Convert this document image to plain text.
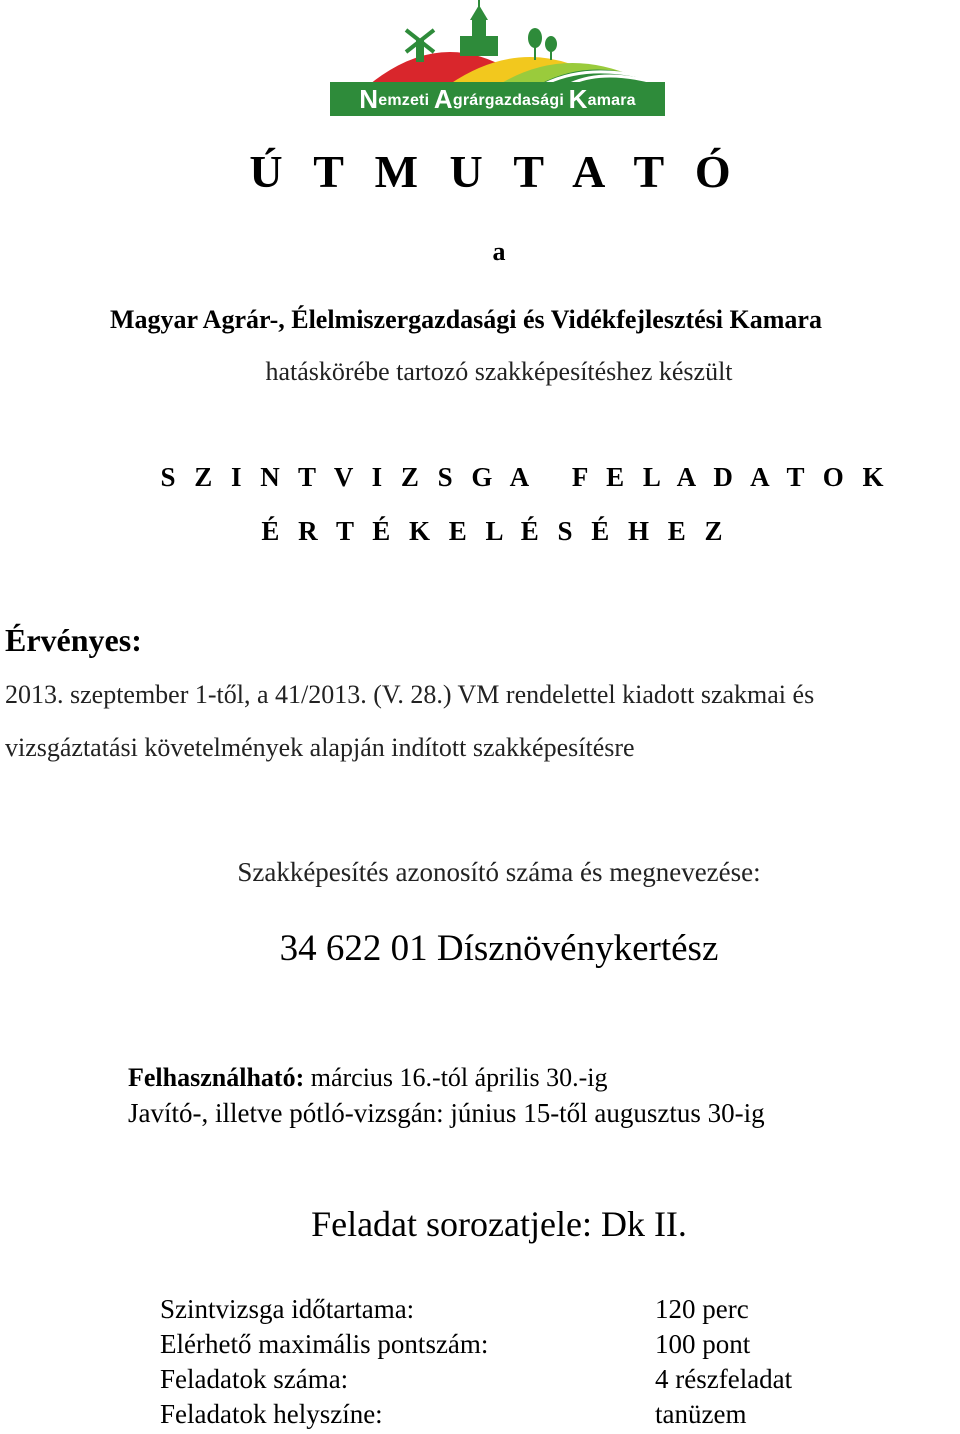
Nemzeti Agrárgazdasági Kamara
Ú T M U T A T Ó
a
Magyar Agrár-, Élelmiszergazdasági és Vidékfejlesztési Kamara
hatáskörébe tartozó szakképesítéshez készült
S Z I N T V I Z S G A   F E L A D A T O K
É R T É K E L É S É H E Z
Érvényes:
2013. szeptember 1-től, a 41/2013. (V. 28.) VM rendelettel kiadott szakmai és
vizsgáztatási követelmények alapján indított szakképesítésre
Szakképesítés azonosító száma és megnevezése:
34 622 01 Dísznövénykertész
Felhasználható: március 16.-tól április 30.-ig
Javító-, illetve pótló-vizsgán: június 15-től augusztus 30-ig
Feladat sorozatjele: Dk II.
Szintvizsga időtartama:	120 perc
Elérhető maximális pontszám:	100 pont
Feladatok száma:	4 részfeladat
Feladatok helyszíne:	tanüzem
